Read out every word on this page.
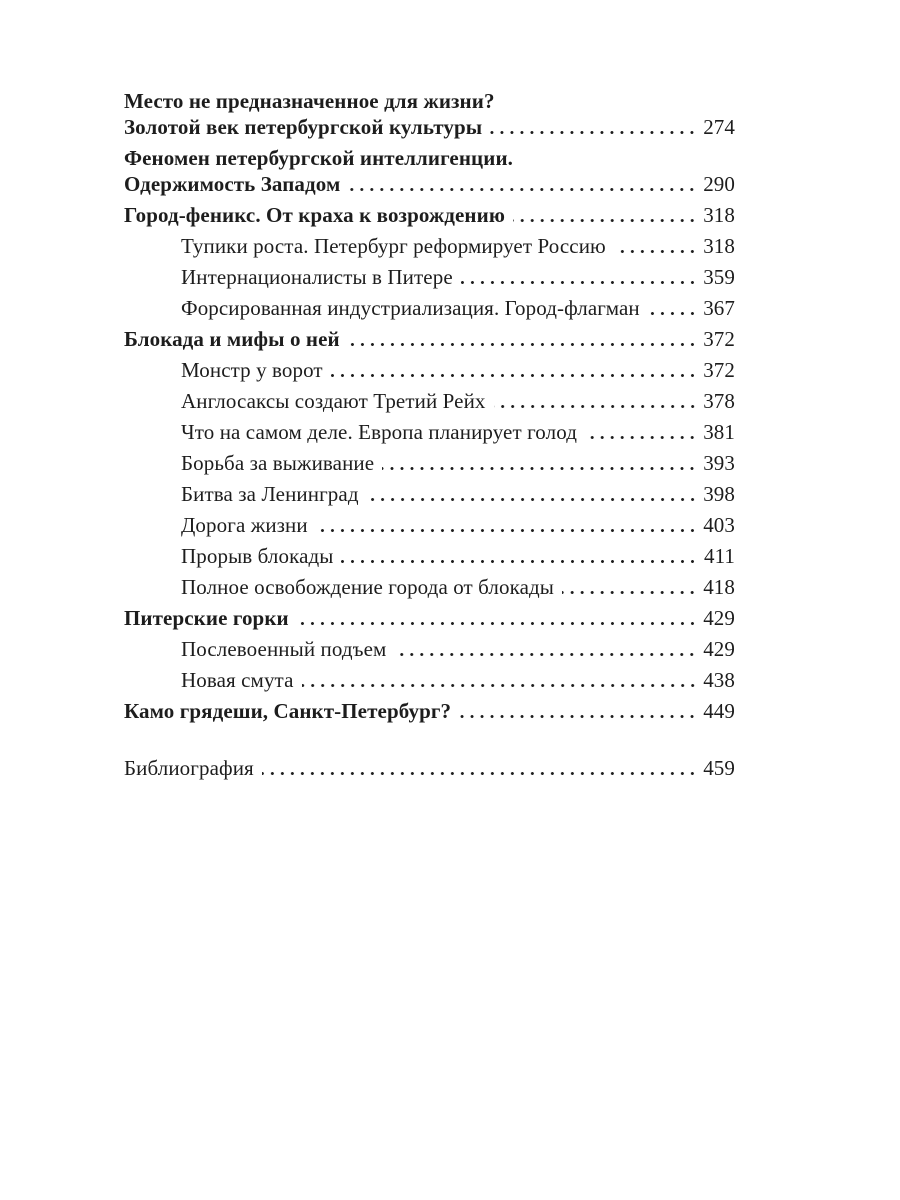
Место не предназначенное для жизни?
Золотой век петербургской культуры	274
Феномен петербургской интеллигенции.
Одержимость Западом	290
Город-феникс. От краха к возрождению	318
Тупики роста. Петербург реформирует Россию	318
Интернационалисты в Питере	359
Форсированная индустриализация. Город-флагман	367
Блокада и мифы о ней	372
Монстр у ворот	372
Англосаксы создают Третий Рейх	378
Что на самом деле. Европа планирует голод	381
Борьба за выживание	393
Битва за Ленинград	398
Дорога жизни	403
Прорыв блокады	411
Полное освобождение города от блокады	418
Питерские горки	429
Послевоенный подъем	429
Новая смута	438
Камо грядеши, Санкт-Петербург?	449
Библиография	459
